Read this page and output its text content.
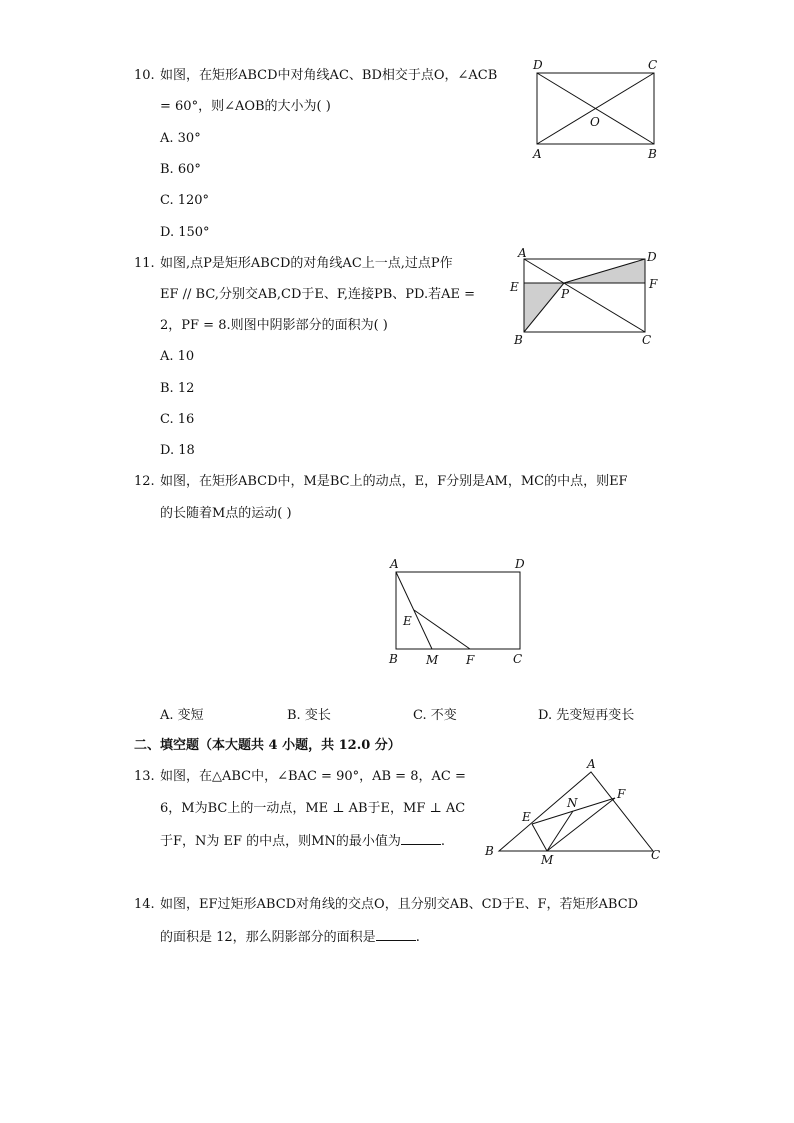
10. 如图，在矩形ABCD中对角线AC、BD相交于点O，∠ACB
= 60°，则∠AOB的大小为( )
A. 30°
B. 60°
C. 120°
D. 150°
D	C
A	B
O
11. 如图,点P是矩形ABCD的对角线AC上一点,过点P作
EF // BC,分别交AB,CD于E、F,连接PB、PD.若AE =
2，PF = 8.则图中阴影部分的面积为( )
A. 10
B. 12
C. 16
D. 18
A	D
E	F
P
B	C
12. 如图，在矩形ABCD中，M是BC上的动点，E，F分别是AM，MC的中点，则EF
的长随着M点的运动( )
A	D
E
B M F	C
A. 变短	B. 变长	C. 不变	D. 先变短再变长
二、填空题（本大题共 4 小题，共 12.0 分）
13. 如图，在△ABC中，∠BAC = 90°，AB = 8，AC =
6，M为BC上的一动点，ME ⊥ AB于E，MF ⊥ AC
于F，N为 EF 的中点，则MN的最小值为	.
A
F
N
E
B
M	C
14. 如图，EF过矩形ABCD对角线的交点O，且分别交AB、CD于E、F，若矩形ABCD
的面积是 12，那么阴影部分的面积是	.
